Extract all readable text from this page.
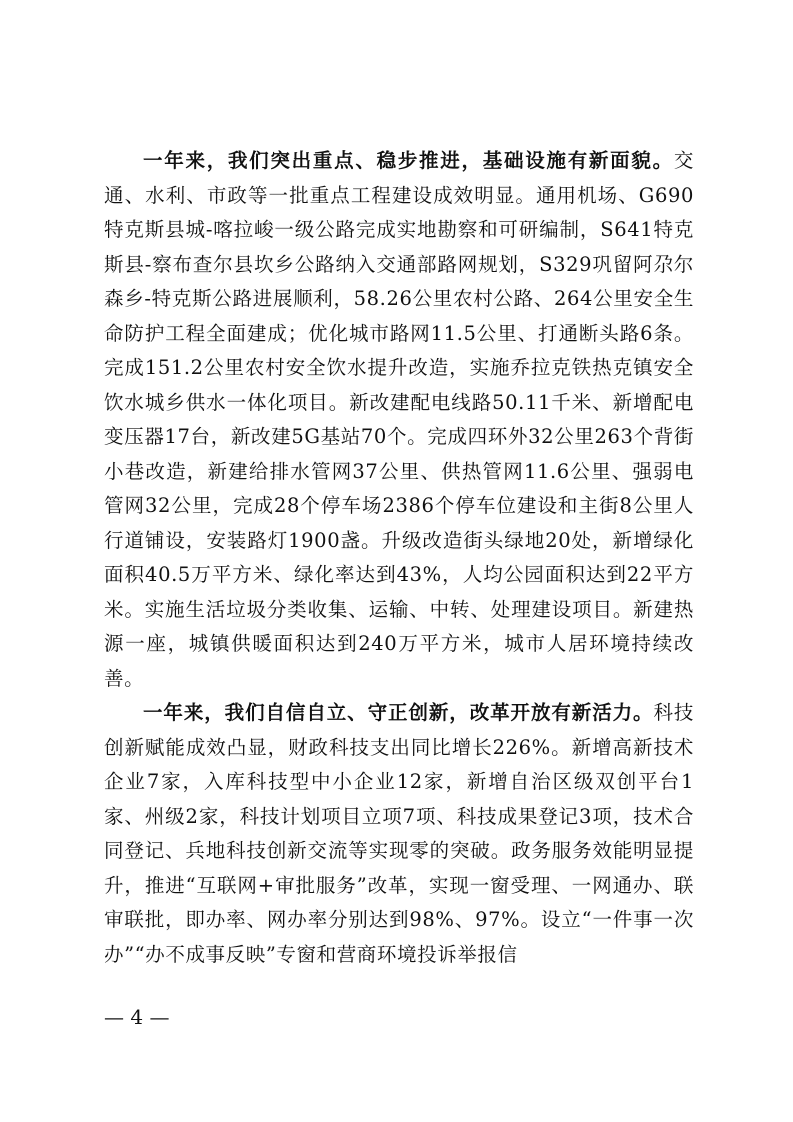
一年来，我们突出重点、稳步推进，基础设施有新面貌。交通、水利、市政等一批重点工程建设成效明显。通用机场、G690特克斯县城-喀拉峻一级公路完成实地勘察和可研编制，S641特克斯县-察布查尔县坎乡公路纳入交通部路网规划，S329巩留阿尕尔森乡-特克斯公路进展顺利，58.26公里农村公路、264公里安全生命防护工程全面建成；优化城市路网11.5公里、打通断头路6条。完成151.2公里农村安全饮水提升改造，实施乔拉克铁热克镇安全饮水城乡供水一体化项目。新改建配电线路50.11千米、新增配电变压器17台，新改建5G基站70个。完成四环外32公里263个背街小巷改造，新建给排水管网37公里、供热管网11.6公里、强弱电管网32公里，完成28个停车场2386个停车位建设和主街8公里人行道铺设，安装路灯1900盏。升级改造街头绿地20处，新增绿化面积40.5万平方米、绿化率达到43%，人均公园面积达到22平方米。实施生活垃圾分类收集、运输、中转、处理建设项目。新建热源一座，城镇供暖面积达到240万平方米，城市人居环境持续改善。

一年来，我们自信自立、守正创新，改革开放有新活力。科技创新赋能成效凸显，财政科技支出同比增长226%。新增高新技术企业7家，入库科技型中小企业12家，新增自治区级双创平台1家、州级2家，科技计划项目立项7项、科技成果登记3项，技术合同登记、兵地科技创新交流等实现零的突破。政务服务效能明显提升，推进“互联网+审批服务”改革，实现一窗受理、一网通办、联审联批，即办率、网办率分别达到98%、97%。设立“一件事一次办”“办不成事反映”专窗和营商环境投诉举报信

— 4 —
